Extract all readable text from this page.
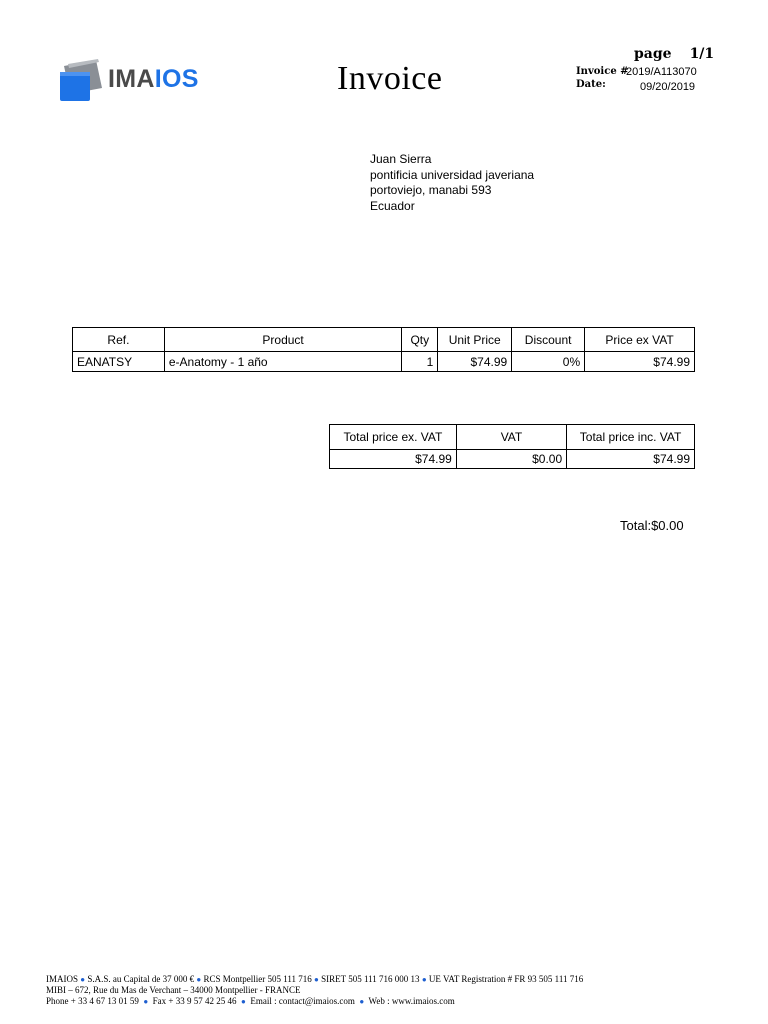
IMAIOS	Invoice
page 1/1
Invoice #
2019/A113070
Date:	09/20/2019
Juan Sierra
pontificia universidad javeriana
portoviejo, manabi 593
Ecuador
Ref.	Product	Qty	Unit Price	Discount	Price ex VAT
EANATSY	e-Anatomy - 1 año	1	$74.99	0%	$74.99
Total price ex. VAT	VAT	Total price inc. VAT
$74.99	$0.00	$74.99
Total:$0.00
IMAIOS ● S.A.S. au Capital de 37 000 € ● RCS Montpellier 505 111 716 ● SIRET 505 111 716 000 13 ● UE VAT Registration # FR 93 505 111 716
MIBI – 672, Rue du Mas de Verchant – 34000 Montpellier - FRANCE
Phone + 33 4 67 13 01 59 ● Fax + 33 9 57 42 25 46 ● Email : contact@imaios.com ● Web : www.imaios.com
